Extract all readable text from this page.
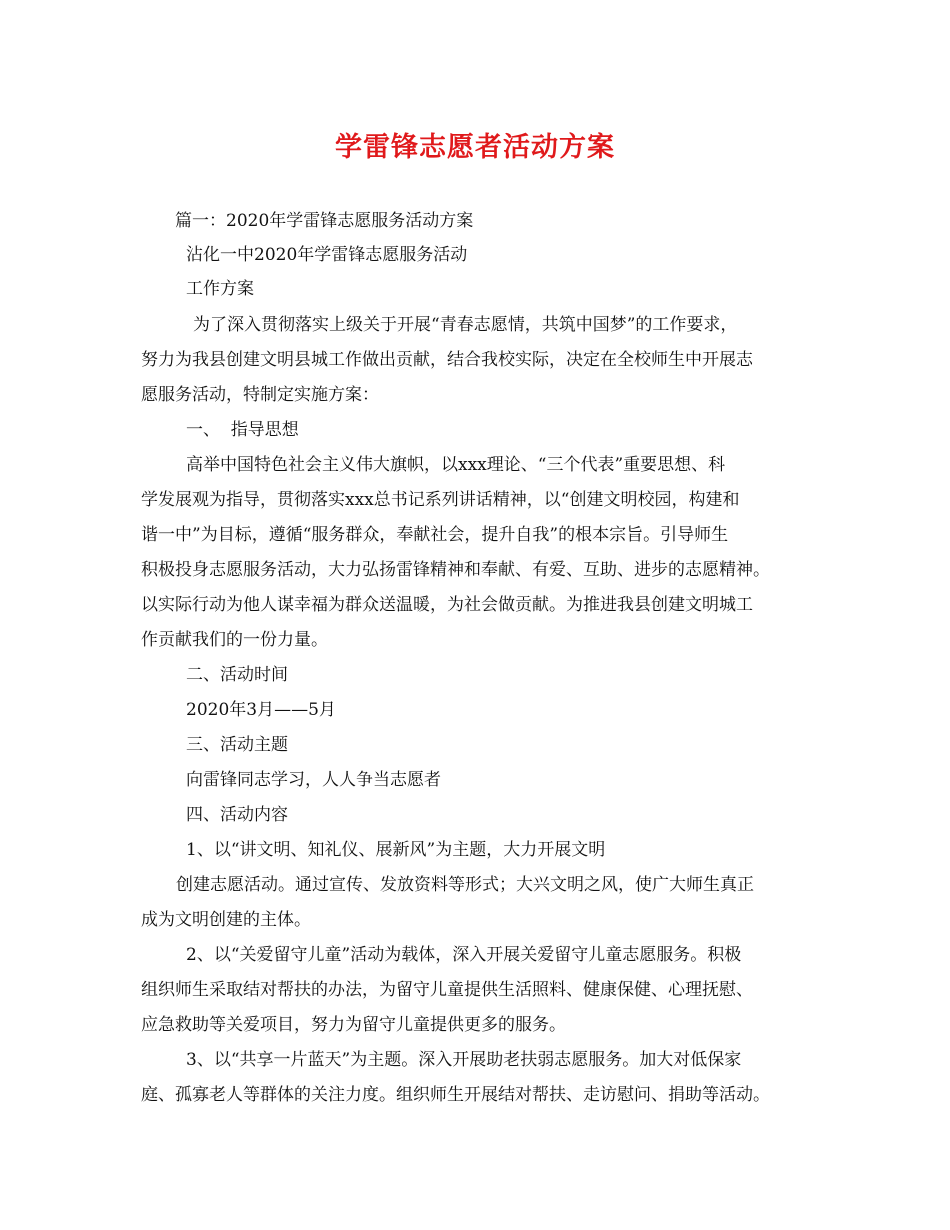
学雷锋志愿者活动方案
篇一：2020年学雷锋志愿服务活动方案
沾化一中2020年学雷锋志愿服务活动
工作方案
为了深入贯彻落实上级关于开展“青春志愿情，共筑中国梦”的工作要求，
努力为我县创建文明县城工作做出贡献，结合我校实际，决定在全校师生中开展志
愿服务活动，特制定实施方案：
一、  指导思想
高举中国特色社会主义伟大旗帜，以xxx理论、“三个代表”重要思想、科
学发展观为指导，贯彻落实xxx总书记系列讲话精神，以“创建文明校园，构建和
谐一中”为目标，遵循“服务群众，奉献社会，提升自我”的根本宗旨。引导师生
积极投身志愿服务活动，大力弘扬雷锋精神和奉献、有爱、互助、进步的志愿精神。
以实际行动为他人谋幸福为群众送温暖，为社会做贡献。为推进我县创建文明城工
作贡献我们的一份力量。
二、活动时间
2020年3月——5月
三、活动主题
向雷锋同志学习，人人争当志愿者
四、活动内容
1、以“讲文明、知礼仪、展新风”为主题，大力开展文明
创建志愿活动。通过宣传、发放资料等形式；大兴文明之风，使广大师生真正
成为文明创建的主体。
2、以“关爱留守儿童”活动为载体，深入开展关爱留守儿童志愿服务。积极
组织师生采取结对帮扶的办法，为留守儿童提供生活照料、健康保健、心理抚慰、
应急救助等关爱项目，努力为留守儿童提供更多的服务。
3、以“共享一片蓝天”为主题。深入开展助老扶弱志愿服务。加大对低保家
庭、孤寡老人等群体的关注力度。组织师生开展结对帮扶、走访慰问、捐助等活动。
